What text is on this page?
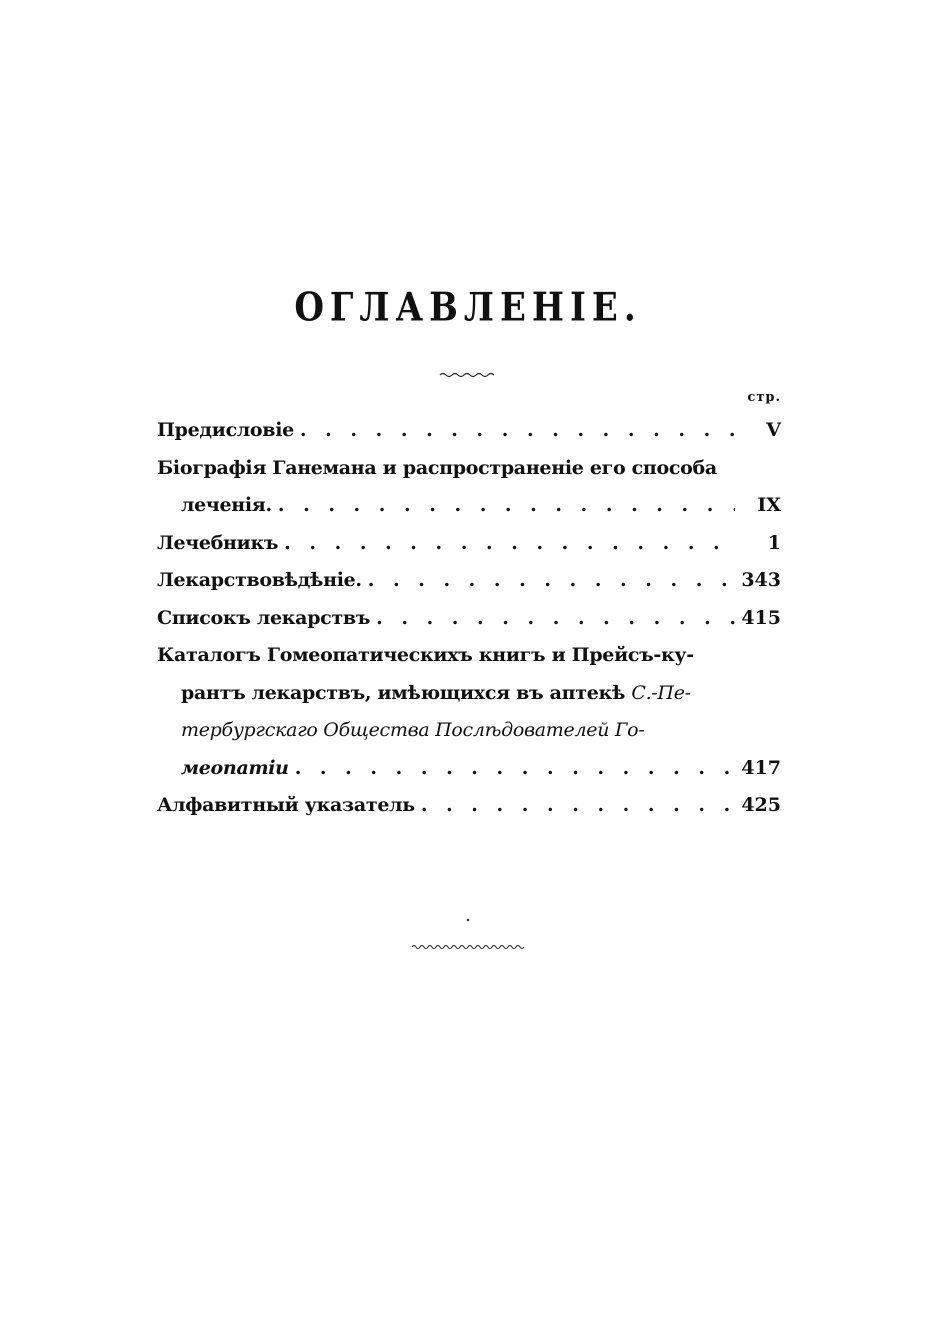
ОГЛАВЛЕНІЕ.
стр.
Предисловіе . . .	V
Біографія Ганемана и распространеніе его способа
леченія. . . .	IX
Лечебникъ . . .	1
Лекарствовѣдѣніе. . . .	343
Списокъ лекарствъ . . .	415
Каталогъ Гомеопатическихъ книгъ и Прейсъ-ку-
рантъ лекарствъ, имѣющихся въ аптекѣ С.-Пе-
тербургскаго Общества Послѣдователей Го-
меопатіи . . .	417
Алфавитный указатель . . .	425
